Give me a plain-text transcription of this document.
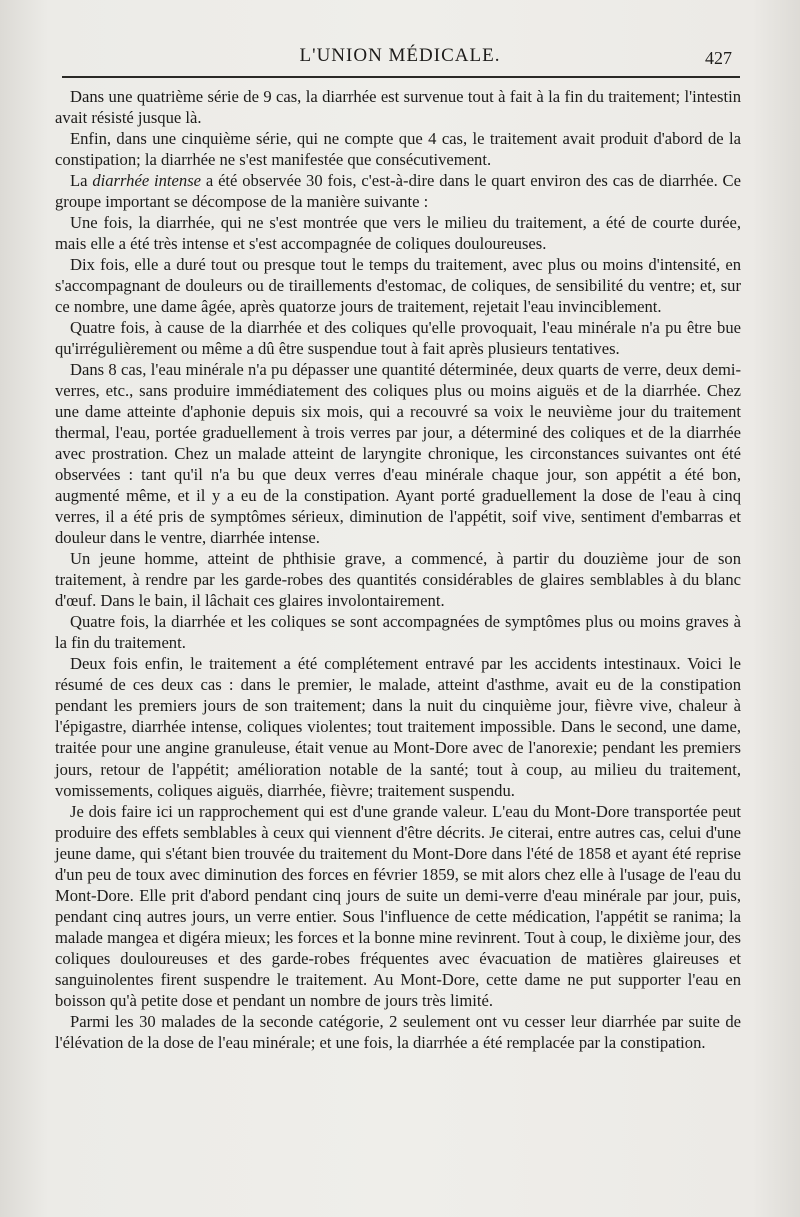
L'UNION MÉDICALE.	427

Dans une quatrième série de 9 cas, la diarrhée est survenue tout à fait à la fin du traitement; l'intestin avait résisté jusque là.

Enfin, dans une cinquième série, qui ne compte que 4 cas, le traitement avait produit d'abord de la constipation; la diarrhée ne s'est manifestée que consécutivement.

La diarrhée intense a été observée 30 fois, c'est-à-dire dans le quart environ des cas de diarrhée. Ce groupe important se décompose de la manière suivante :

Une fois, la diarrhée, qui ne s'est montrée que vers le milieu du traitement, a été de courte durée, mais elle a été très intense et s'est accompagnée de coliques douloureuses.

Dix fois, elle a duré tout ou presque tout le temps du traitement, avec plus ou moins d'intensité, en s'accompagnant de douleurs ou de tiraillements d'estomac, de coliques, de sensibilité du ventre; et, sur ce nombre, une dame âgée, après quatorze jours de traitement, rejetait l'eau invinciblement.

Quatre fois, à cause de la diarrhée et des coliques qu'elle provoquait, l'eau minérale n'a pu être bue qu'irrégulièrement ou même a dû être suspendue tout à fait après plusieurs tentatives.

Dans 8 cas, l'eau minérale n'a pu dépasser une quantité déterminée, deux quarts de verre, deux demi-verres, etc., sans produire immédiatement des coliques plus ou moins aiguës et de la diarrhée. Chez une dame atteinte d'aphonie depuis six mois, qui a recouvré sa voix le neuvième jour du traitement thermal, l'eau, portée graduellement à trois verres par jour, a déterminé des coliques et de la diarrhée avec prostration. Chez un malade atteint de laryngite chronique, les circonstances suivantes ont été observées : tant qu'il n'a bu que deux verres d'eau minérale chaque jour, son appétit a été bon, augmenté même, et il y a eu de la constipation. Ayant porté graduellement la dose de l'eau à cinq verres, il a été pris de symptômes sérieux, diminution de l'appétit, soif vive, sentiment d'embarras et douleur dans le ventre, diarrhée intense.

Un jeune homme, atteint de phthisie grave, a commencé, à partir du douzième jour de son traitement, à rendre par les garde-robes des quantités considérables de glaires semblables à du blanc d'œuf. Dans le bain, il lâchait ces glaires involontairement.

Quatre fois, la diarrhée et les coliques se sont accompagnées de symptômes plus ou moins graves à la fin du traitement.

Deux fois enfin, le traitement a été complétement entravé par les accidents intestinaux. Voici le résumé de ces deux cas : dans le premier, le malade, atteint d'asthme, avait eu de la constipation pendant les premiers jours de son traitement; dans la nuit du cinquième jour, fièvre vive, chaleur à l'épigastre, diarrhée intense, coliques violentes; tout traitement impossible. Dans le second, une dame, traitée pour une angine granuleuse, était venue au Mont-Dore avec de l'anorexie; pendant les premiers jours, retour de l'appétit; amélioration notable de la santé; tout à coup, au milieu du traitement, vomissements, coliques aiguës, diarrhée, fièvre; traitement suspendu.

Je dois faire ici un rapprochement qui est d'une grande valeur. L'eau du Mont-Dore transportée peut produire des effets semblables à ceux qui viennent d'être décrits. Je citerai, entre autres cas, celui d'une jeune dame, qui s'étant bien trouvée du traitement du Mont-Dore dans l'été de 1858 et ayant été reprise d'un peu de toux avec diminution des forces en février 1859, se mit alors chez elle à l'usage de l'eau du Mont-Dore. Elle prit d'abord pendant cinq jours de suite un demi-verre d'eau minérale par jour, puis, pendant cinq autres jours, un verre entier. Sous l'influence de cette médication, l'appétit se ranima; la malade mangea et digéra mieux; les forces et la bonne mine revinrent. Tout à coup, le dixième jour, des coliques douloureuses et des garde-robes fréquentes avec évacuation de matières glaireuses et sanguinolentes firent suspendre le traitement. Au Mont-Dore, cette dame ne put supporter l'eau en boisson qu'à petite dose et pendant un nombre de jours très limité.

Parmi les 30 malades de la seconde catégorie, 2 seulement ont vu cesser leur diarrhée par suite de l'élévation de la dose de l'eau minérale; et une fois, la diarrhée a été remplacée par la constipation.
